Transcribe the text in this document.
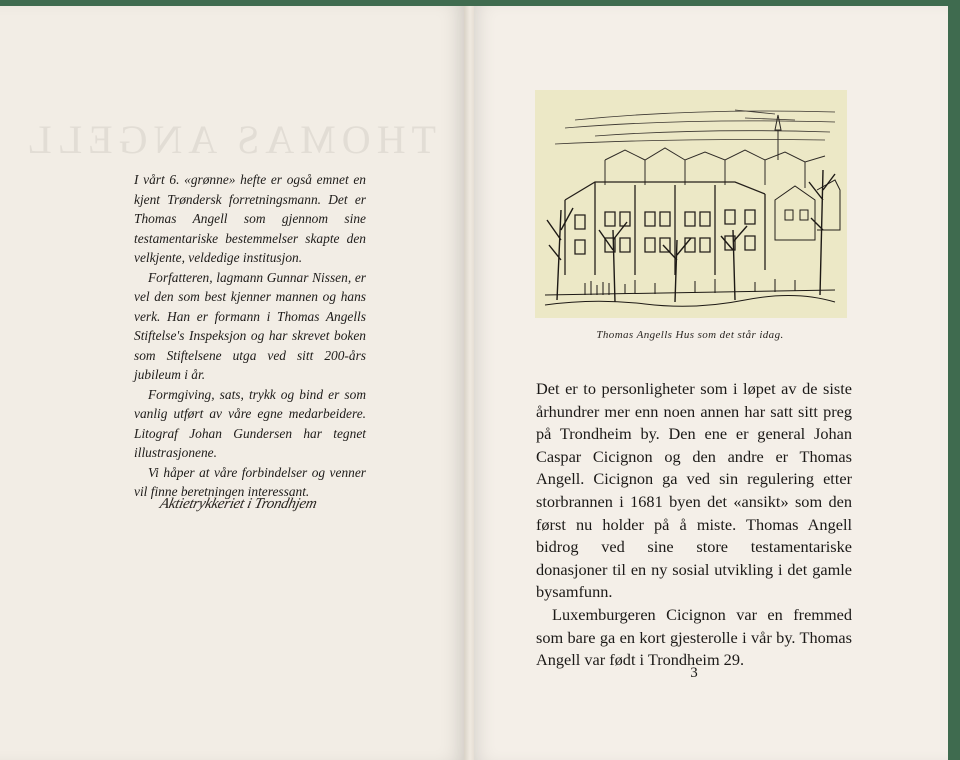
THOMAS ANGELL

I vårt 6. «grønne» hefte er også emnet en kjent Trøndersk forretningsmann. Det er Thomas Angell som gjennom sine testamentariske bestemmelser skapte den velkjente, veldedige institusjon.

Forfatteren, lagmann Gunnar Nissen, er vel den som best kjenner mannen og hans verk. Han er formann i Thomas Angells Stiftelse's Inspeksjon og har skrevet boken som Stiftelsene utga ved sitt 200-års jubileum i år.

Formgiving, sats, trykk og bind er som vanlig utført av våre egne medarbeidere. Litograf Johan Gundersen har tegnet illustrasjonene.

Vi håper at våre forbindelser og venner vil finne beretningen interessant.

Aktietrykkeriet i Trondhjem
Thomas Angells Hus som det står idag.

Det er to personligheter som i løpet av de siste århundrer mer enn noen annen har satt sitt preg på Trondheim by. Den ene er general Johan Caspar Cicignon og den andre er Thomas Angell. Cicignon ga ved sin regulering etter storbrannen i 1681 byen det «ansikt» som den først nu holder på å miste. Thomas Angell bidrog ved sine store testamentariske donasjoner til en ny sosial utvikling i det gamle bysamfunn.

Luxemburgeren Cicignon var en fremmed som bare ga en kort gjesterolle i vår by. Thomas Angell var født i Trondheim 29.

3
